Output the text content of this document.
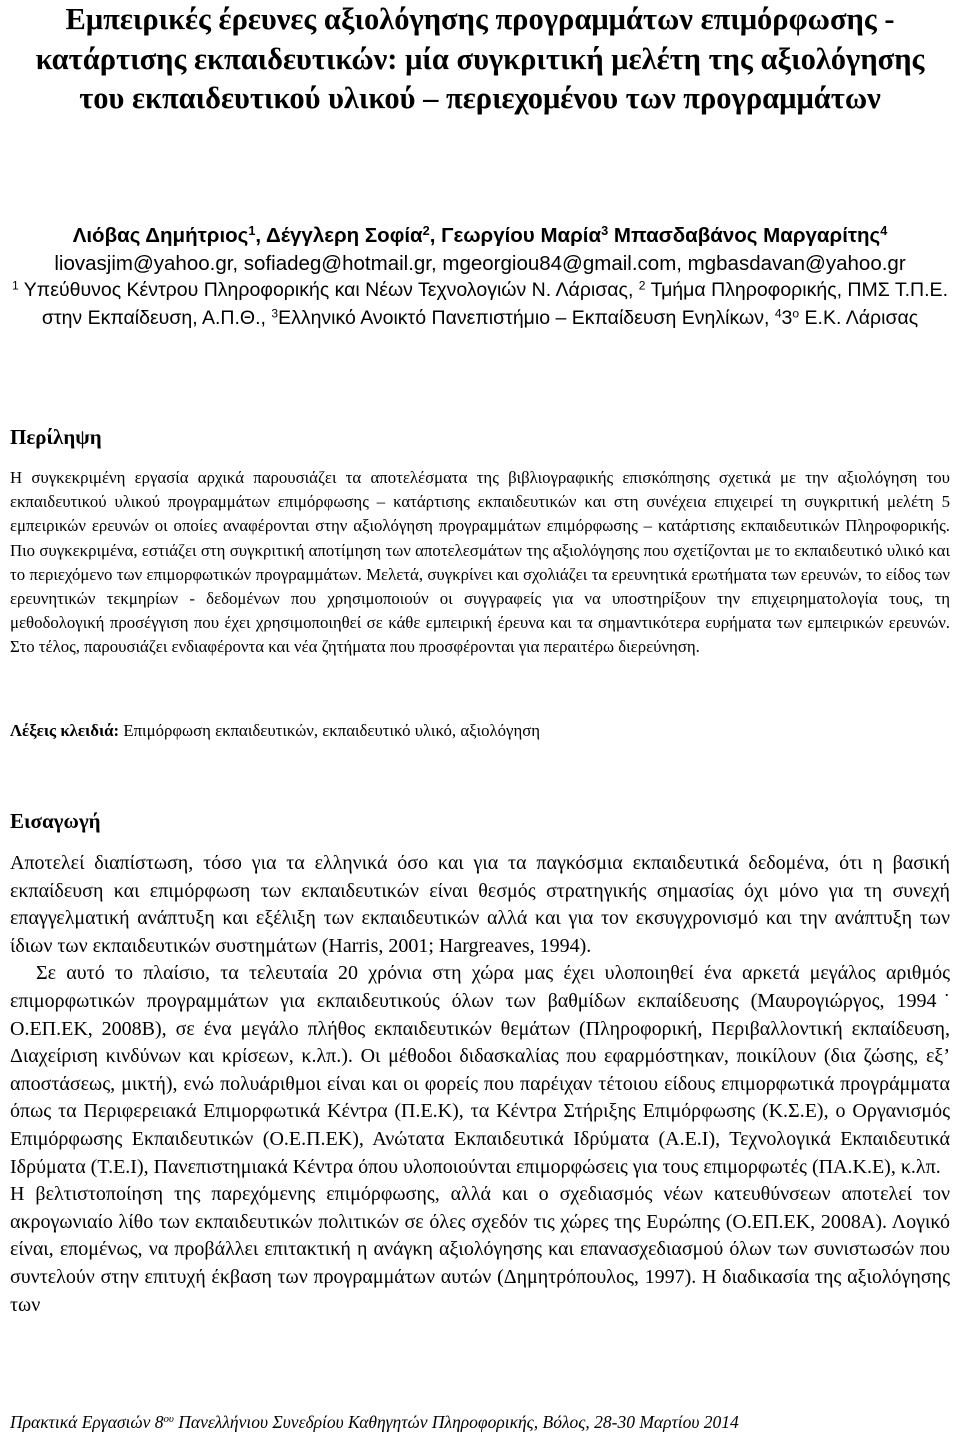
Εμπειρικές έρευνες αξιολόγησης προγραμμάτων επιμόρφωσης - κατάρτισης εκπαιδευτικών: μία συγκριτική μελέτη της αξιολόγησης του εκπαιδευτικού υλικού – περιεχομένου των προγραμμάτων
Λιόβας Δημήτριος$^1$, Δέγγλερη Σοφία$^2$, Γεωργίου Μαρία$^3$ Μπασδαβάνος Μαργαρίτης$^4$
liovasjim@yahoo.gr, sofiadeg@hotmail.gr, mgeorgiou84@gmail.com, mgbasdavan@yahoo.gr
$^1$ Υπεύθυνος Κέντρου Πληροφορικής και Νέων Τεχνολογιών Ν. Λάρισας, $^2$ Τμήμα Πληροφορικής, ΠΜΣ Τ.Π.Ε. στην Εκπαίδευση, Α.Π.Θ., $^3$Ελληνικό Ανοικτό Πανεπιστήμιο – Εκπαίδευση Ενηλίκων, $^43^o$ Ε.Κ. Λάρισας
Περίληψη

Η συγκεκριμένη εργασία αρχικά παρουσιάζει τα αποτελέσματα της βιβλιογραφικής επισκόπησης σχετικά με την αξιολόγηση του εκπαιδευτικού υλικού προγραμμάτων επιμόρφωσης – κατάρτισης εκπαιδευτικών και στη συνέχεια επιχειρεί τη συγκριτική μελέτη 5 εμπειρικών ερευνών οι οποίες αναφέρονται στην αξιολόγηση προγραμμάτων επιμόρφωσης – κατάρτισης εκπαιδευτικών Πληροφορικής. Πιο συγκεκριμένα, εστιάζει στη συγκριτική αποτίμηση των αποτελεσμάτων της αξιολόγησης που σχετίζονται με το εκπαιδευτικό υλικό και το περιεχόμενο των επιμορφωτικών προγραμμάτων. Μελετά, συγκρίνει και σχολιάζει τα ερευνητικά ερωτήματα των ερευνών, το είδος των ερευνητικών τεκμηρίων - δεδομένων που χρησιμοποιούν οι συγγραφείς για να υποστηρίξουν την επιχειρηματολογία τους, τη μεθοδολογική προσέγγιση που έχει χρησιμοποιηθεί σε κάθε εμπειρική έρευνα και τα σημαντικότερα ευρήματα των εμπειρικών ερευνών. Στο τέλος, παρουσιάζει ενδιαφέροντα και νέα ζητήματα που προσφέρονται για περαιτέρω διερεύνηση.

Λέξεις κλειδιά: Επιμόρφωση εκπαιδευτικών, εκπαιδευτικό υλικό, αξιολόγηση
Εισαγωγή

Αποτελεί διαπίστωση, τόσο για τα ελληνικά όσο και για τα παγκόσμια εκπαιδευτικά δεδομένα, ότι η βασική εκπαίδευση και επιμόρφωση των εκπαιδευτικών είναι θεσμός στρατηγικής σημασίας όχι μόνο για τη συνεχή επαγγελματική ανάπτυξη και εξέλιξη των εκπαιδευτικών αλλά και για τον εκσυγχρονισμό και την ανάπτυξη των ίδιων των εκπαιδευτικών συστημάτων (Harris, 2001; Hargreaves, 1994).

Σε αυτό το πλαίσιο, τα τελευταία 20 χρόνια στη χώρα μας έχει υλοποιηθεί ένα αρκετά μεγάλος αριθμός επιμορφωτικών προγραμμάτων για εκπαιδευτικούς όλων των βαθμίδων εκπαίδευσης (Μαυρογιώργος, 1994˙ Ο.ΕΠ.ΕΚ, 2008Β), σε ένα μεγάλο πλήθος εκπαιδευτικών θεμάτων (Πληροφορική, Περιβαλλοντική εκπαίδευση, Διαχείριση κινδύνων και κρίσεων, κ.λπ.). Οι μέθοδοι διδασκαλίας που εφαρμόστηκαν, ποικίλουν (δια ζώσης, εξ’ αποστάσεως, μικτή), ενώ πολυάριθμοι είναι και οι φορείς που παρέιχαν τέτοιου είδους επιμορφωτικά προγράμματα όπως τα Περιφερειακά Επιμορφωτικά Κέντρα (Π.Ε.Κ), τα Κέντρα Στήριξης Επιμόρφωσης (Κ.Σ.Ε), ο Οργανισμός Επιμόρφωσης Εκπαιδευτικών (Ο.Ε.Π.ΕΚ), Ανώτατα Εκπαιδευτικά Ιδρύματα (Α.Ε.Ι), Τεχνολογικά Εκπαιδευτικά Ιδρύματα (Τ.Ε.Ι), Πανεπιστημιακά Κέντρα όπου υλοποιούνται επιμορφώσεις για τους επιμορφωτές (ΠΑ.Κ.Ε), κ.λπ.

Η βελτιστοποίηση της παρεχόμενης επιμόρφωσης, αλλά και ο σχεδιασμός νέων κατευθύνσεων αποτελεί τον ακρογωνιαίο λίθο των εκπαιδευτικών πολιτικών σε όλες σχεδόν τις χώρες της Ευρώπης (Ο.ΕΠ.ΕΚ, 2008Α). Λογικό είναι, επομένως, να προβάλλει επιτακτική η ανάγκη αξιολόγησης και επανασχεδιασμού όλων των συνιστωσών που συντελούν στην επιτυχή έκβαση των προγραμμάτων αυτών (Δημητρόπουλος, 1997). Η διαδικασία της αξιολόγησης των

Πρακτικά Εργασιών $8^{o\upsilon}$ Πανελλήνιου Συνεδρίου Καθηγητών Πληροφορικής, Βόλος, 28-30 Μαρτίου 2014
